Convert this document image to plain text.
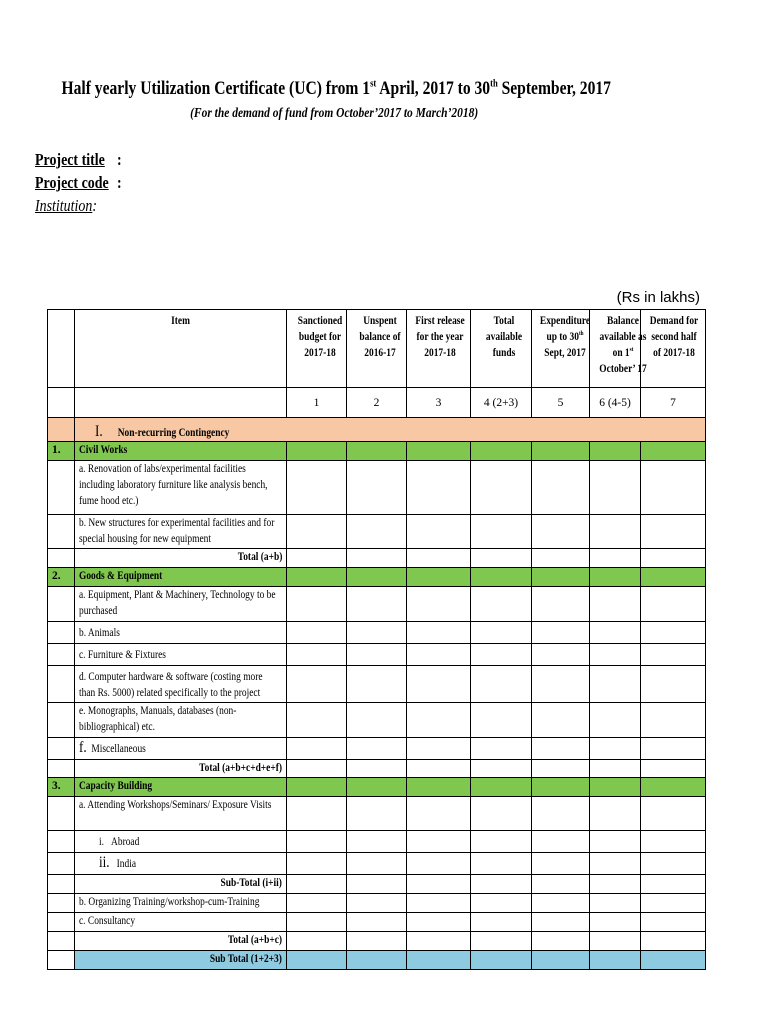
Half yearly Utilization Certificate (UC) from 1st April, 2017 to 30th September, 2017
(For the demand of fund from October’2017 to March’2018)
Project title :
Project code :
Institution:
(Rs in lakhs)
	Item	Sanctioned budget for 2017-18	Unspent balance of 2016-17	First release for the year 2017-18	Total available funds	Expenditure up to 30th Sept, 2017	Balance available as on 1st October’ 17	Demand for second half of 2017-18
		1	2	3	4 (2+3)	5	6 (4-5)	7
	I. Non-recurring Contingency							
1.	Civil Works							
	a. Renovation of labs/experimental facilities including laboratory furniture like analysis bench, fume hood etc.)							
	b. New structures for experimental facilities and for special housing for new equipment							
	Total (a+b)							
2.	Goods & Equipment							
	a. Equipment, Plant & Machinery, Technology to be purchased							
	b. Animals							
	c. Furniture & Fixtures							
	d. Computer hardware & software (costing more than Rs. 5000) related specifically to the project							
	e. Monographs, Manuals, databases (non-bibliographical) etc.							
	f. Miscellaneous							
	Total (a+b+c+d+e+f)							
3.	Capacity Building							
	a. Attending Workshops/Seminars/ Exposure Visits							
	i. Abroad							
	ii. India							
	Sub-Total (i+ii)							
	b. Organizing Training/workshop-cum-Training							
	c. Consultancy							
	Total (a+b+c)							
	Sub Total (1+2+3)							
